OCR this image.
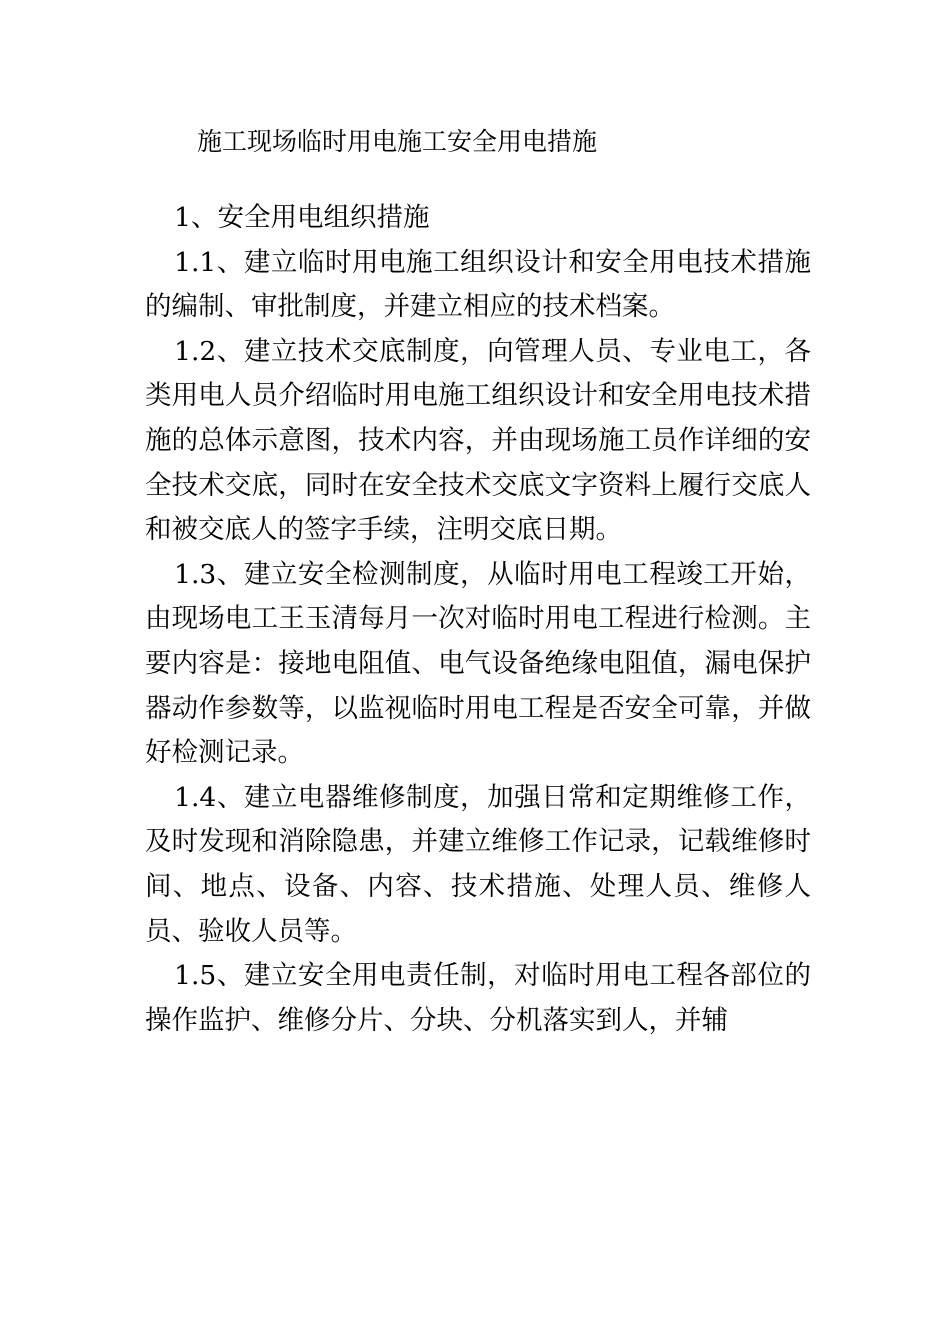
施工现场临时用电施工安全用电措施

1、安全用电组织措施

1.1、建立临时用电施工组织设计和安全用电技术措施的编制、审批制度，并建立相应的技术档案。

1.2、建立技术交底制度，向管理人员、专业电工，各类用电人员介绍临时用电施工组织设计和安全用电技术措施的总体示意图，技术内容，并由现场施工员作详细的安全技术交底，同时在安全技术交底文字资料上履行交底人和被交底人的签字手续，注明交底日期。

1.3、建立安全检测制度，从临时用电工程竣工开始，由现场电工王玉清每月一次对临时用电工程进行检测。主要内容是：接地电阻值、电气设备绝缘电阻值，漏电保护器动作参数等，以监视临时用电工程是否安全可靠，并做好检测记录。

1.4、建立电器维修制度，加强日常和定期维修工作，及时发现和消除隐患，并建立维修工作记录，记载维修时间、地点、设备、内容、技术措施、处理人员、维修人员、验收人员等。

1.5、建立安全用电责任制，对临时用电工程各部位的操作监护、维修分片、分块、分机落实到人，并辅
